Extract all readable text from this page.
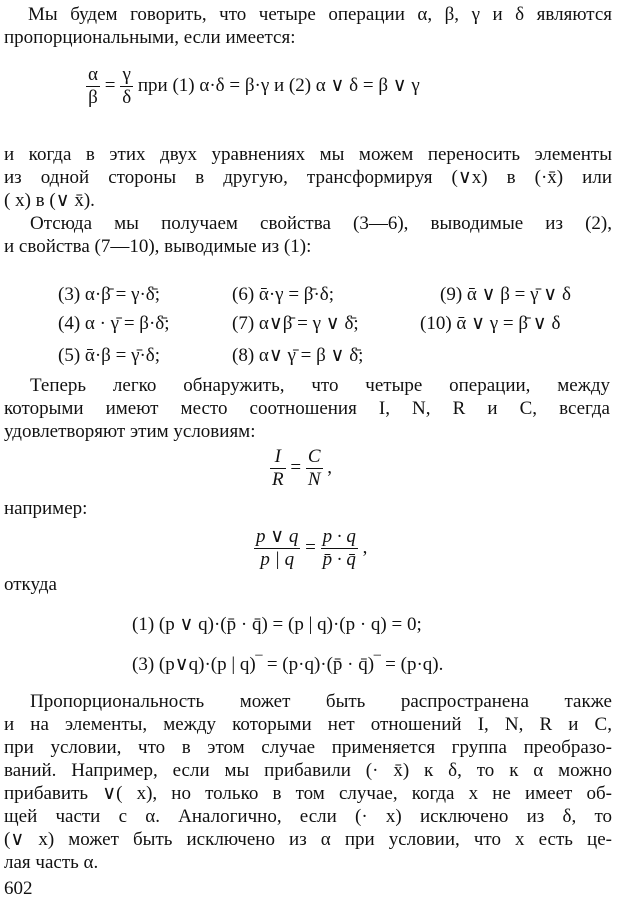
Мы будем говорить, что четыре операции α, β, γ и δ являются
пропорциональными, если имеется:
$\frac{\alpha}{\beta} = \frac{\gamma}{\delta}$ при (1) α·δ = β·γ и (2) α ∨ δ = β ∨ γ
и когда в этих двух уравнениях мы можем переносить элементы
из одной стороны в другую, трансформируя (∨x) в (·x̄) или
( x) в (∨ x̄).
Отсюда мы получаем свойства (3—6), выводимые из (2),
и свойства (7—10), выводимые из (1):
(3) α·β̄ = γ·δ̄;	(6) ᾱ·γ = β̄·δ;	(9) ᾱ ∨ β = γ̄ ∨ δ
(4) α · γ̄ = β·δ̄;	(7) α∨β̄ = γ ∨ δ̄;	(10) ᾱ ∨ γ = β̄ ∨ δ
(5) ᾱ·β = γ̄·δ;	(8) α∨ γ̄ = β ∨ δ̄;
Теперь легко обнаружить, что четыре операции, между
которыми имеют место соотношения I, N, R и C, всегда
удовлетворяют этим условиям:
$\frac{I}{R} = \frac{C}{N}$ ,
например:
$\frac{p \vee q}{p | q} = \frac{p \cdot q}{p̄ \cdot q̄}$ ,
откуда
(1) (p ∨ q)·(p̄ · q̄) = (p | q)·(p · q) = 0;
(3) (p∨q)·(p | q)‾ = (p·q)·(p̄ · q̄)‾ = (p·q).
Пропорциональность может быть распространена также
и на элементы, между которыми нет отношений I, N, R и C,
при условии, что в этом случае применяется группа преобразо-
ваний. Например, если мы прибавили (· x̄) к δ, то к α можно
прибавить ∨( x), но только в том случае, когда x не имеет об-
щей части с α. Аналогично, если (· x) исключено из δ, то
(∨ x) может быть исключено из α при условии, что x есть це-
лая часть α.
602
